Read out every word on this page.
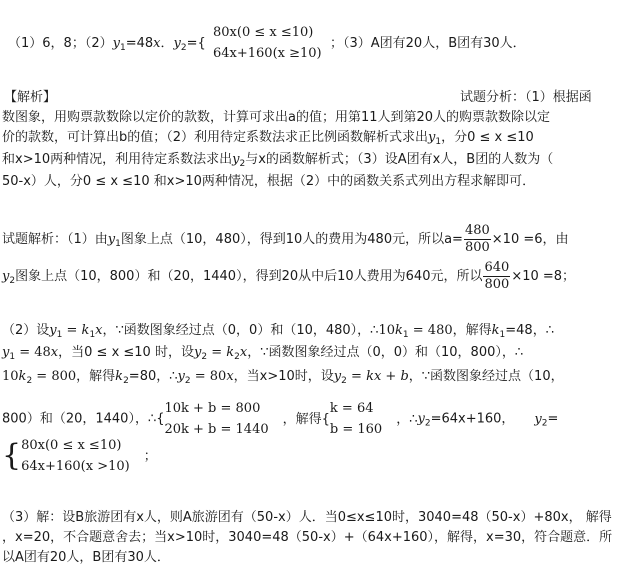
（1）6，8；$(2)y_1=48x$．$y_2=${
80x(0 ≤ x ≤10)
64x+160(x ≥10)
；（3）A团有20人，B团有30人．
【解析】	试题分析：（1）根据函
数图象，用购票款数除以定价的款数，计算可求出a的值；用第11人到第20人的购票款数除以定
价的款数，可计算出b的值；（2）利用待定系数法求正比例函数解析式求出$y_1$，分0 ≤ x ≤10
和x>10两种情况，利用待定系数法求出$y_2$与x的函数解析式；（3）设A团有x人，B团的人数为（
50-x）人，分0 ≤ x ≤10 和x>10两种情况，根据（2）中的函数关系式列出方程求解即可．
试题解析：（1）由$y_1$图象上点（10，480），得到10人的费用为480元，所以$a= \frac{480}{800} \times 10 =6$，由
$y_2$图象上点（10，800）和（20，1440），得到20从中后10人费用为640元，所以 $\frac{640}{800} \times 10 =8$；
（2）设$y_1 = k_1x$，∵函数图象经过点（0，0）和（10，480），$\therefore 10k_1 = 480$，解得$k_1=48$，∴
$y_1 = 48x$，当0 ≤ x ≤10 时，设$y_2 = k_2x$，∵函数图象经过点（0，0）和（10，800），∴
$10k_2 = 800$，解得$k_2=80$，$\therefore y_2 = 80x$，当x>10时，设$y_2$ = kx + b，∵函数图象经过点（10，
800）和（20，1440），∴{
10k + b = 800
20k + b = 1440
，解得{
k = 64
b = 160
，$\therefore y_2=64x+160$， $y_2=$
{ 80x(0 ≤ x ≤10)
64x+160(x >10)
；
（3）解：设B旅游团有x人，则A旅游团有（50-x）人．当0≤x≤10时，3040=48（50-x）+80x， 解得
，x=20，不合题意舍去；当x>10时，3040=48（50-x）+（64x+160），解得，x=30，符合题意．所
以A团有20人，B团有30人．
